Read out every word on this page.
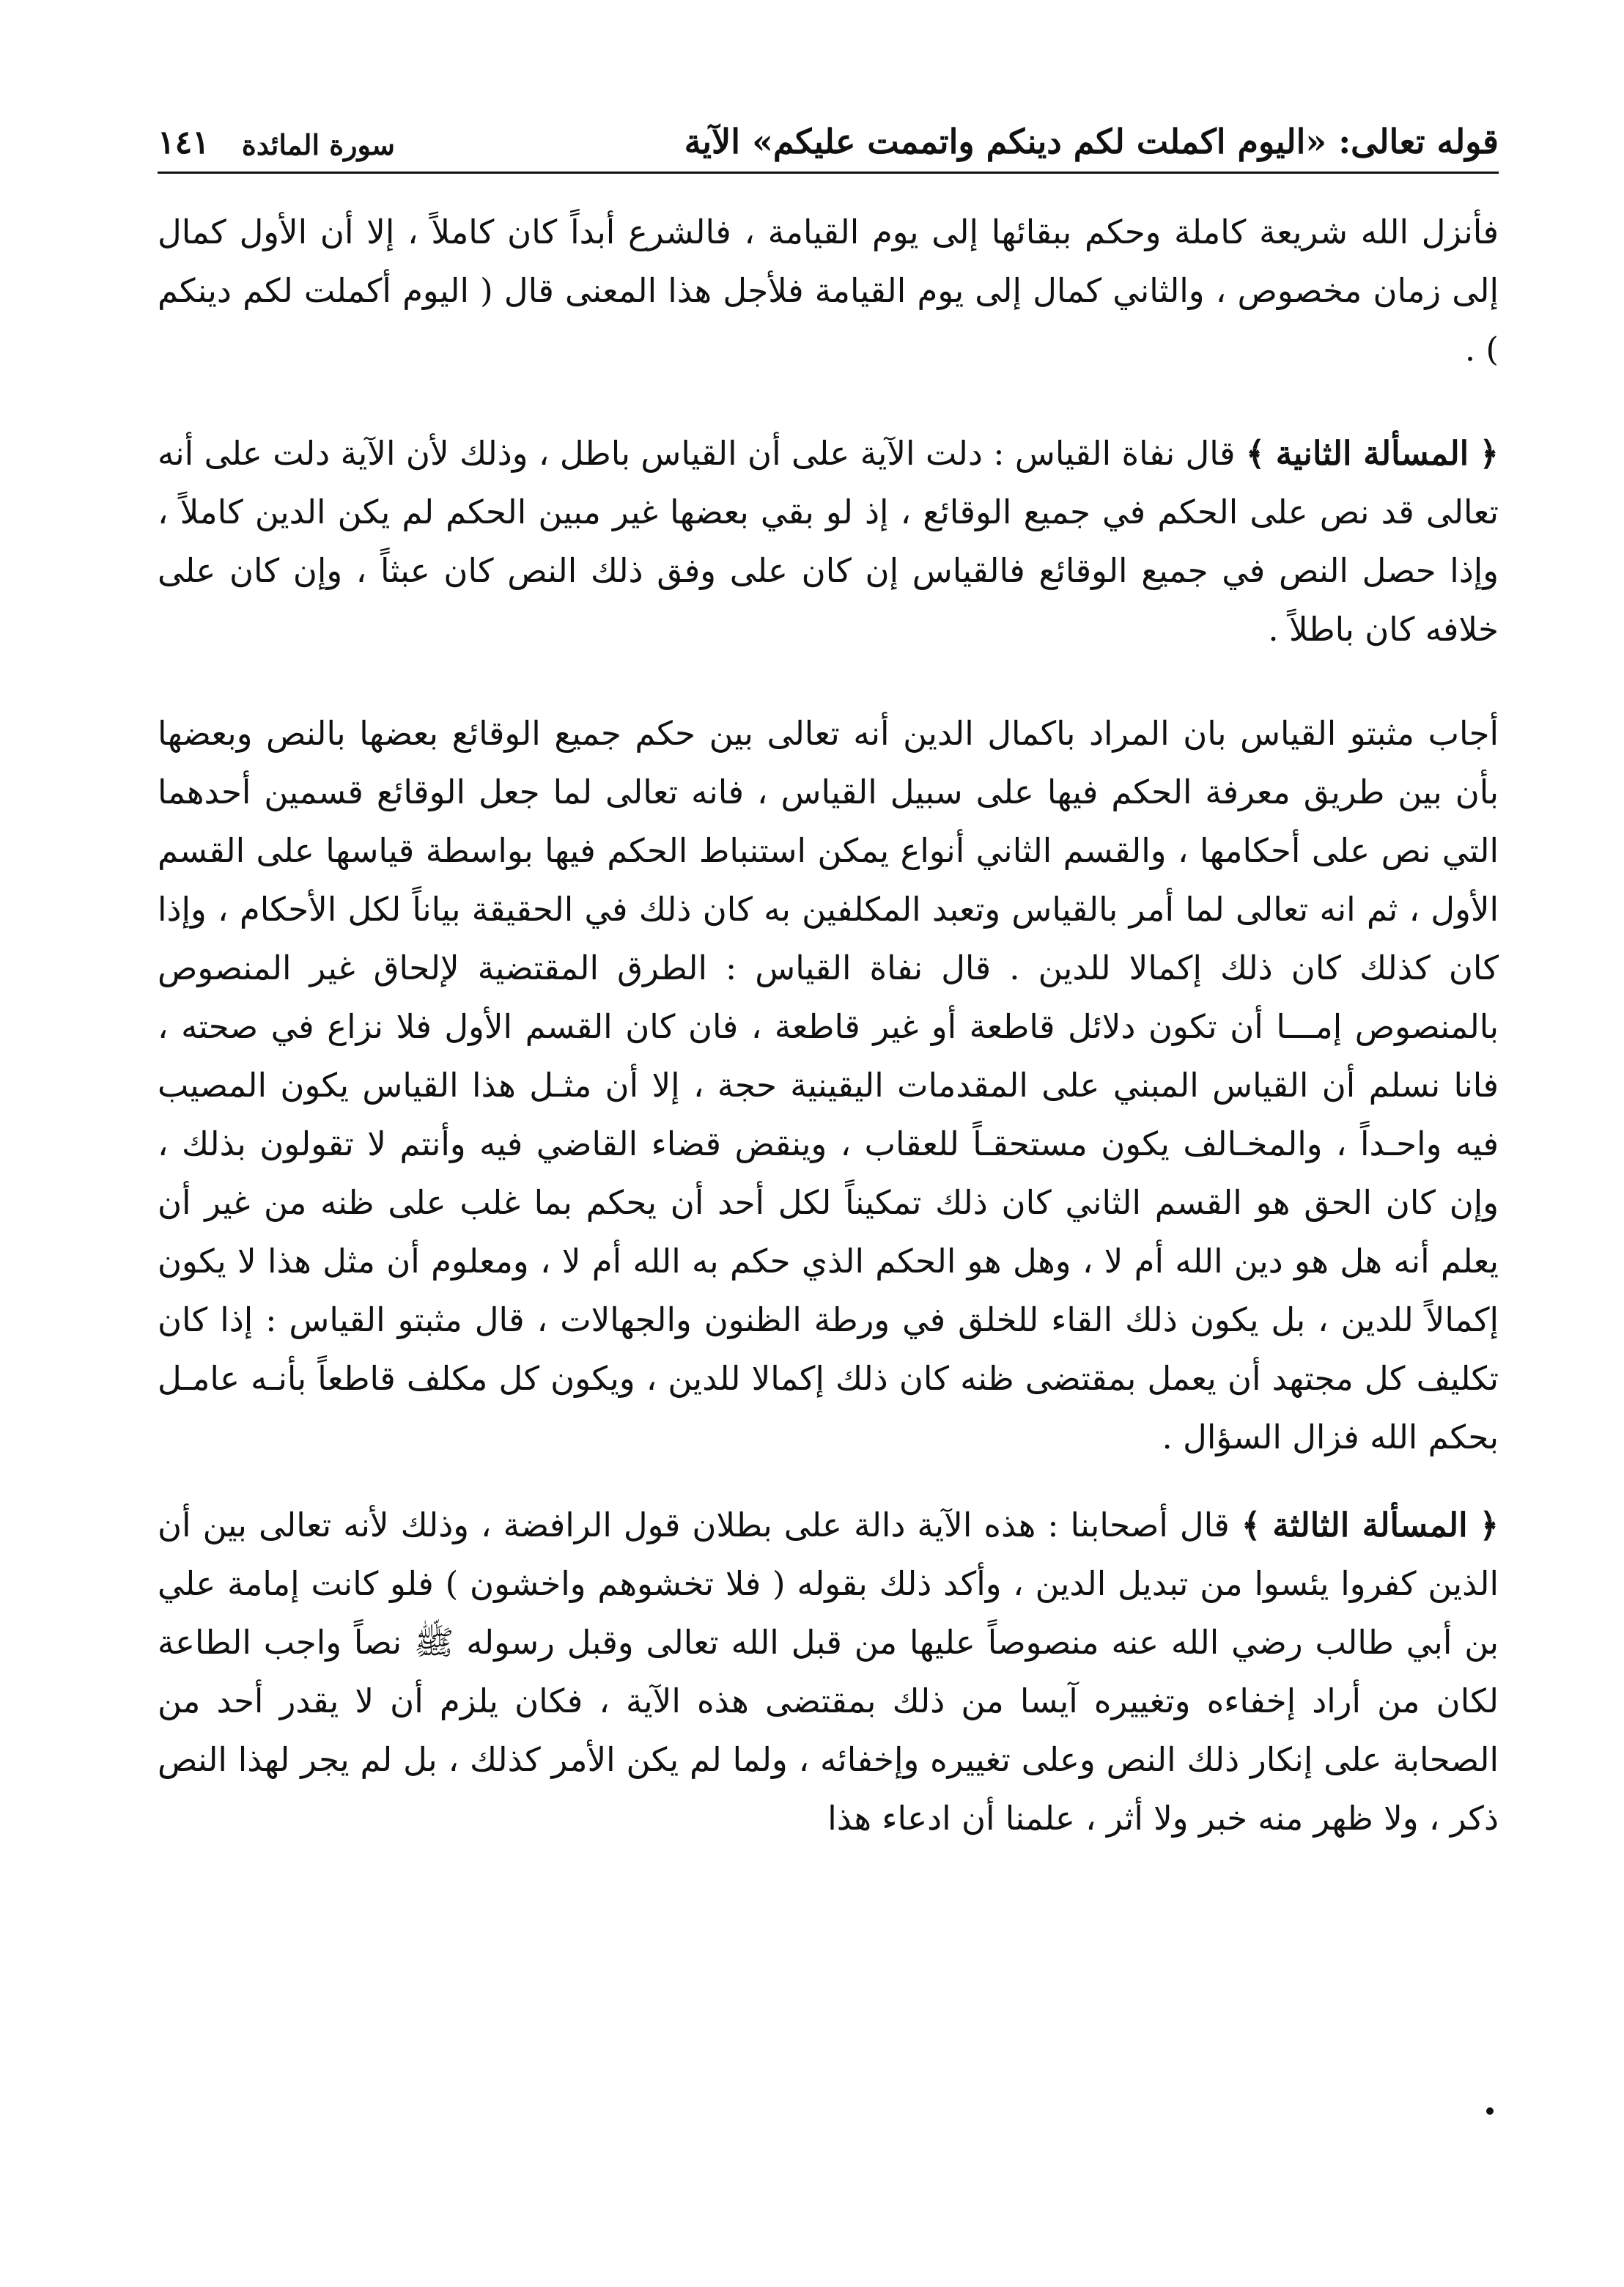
قوله تعالى: «اليوم اكملت لكم دينكم واتممت عليكم» الآية
سورة المائدة
١٤١

فأنزل الله شريعة كاملة وحكم ببقائها إلى يوم القيامة ، فالشرع أبداً كان كاملاً ، إلا أن الأول كمال إلى زمان مخصوص ، والثاني كمال إلى يوم القيامة فلأجل هذا المعنى قال ( اليوم أكملت لكم دينكم ) .

﴿ المسألة الثانية ﴾ قال نفاة القياس : دلت الآية على أن القياس باطل ، وذلك لأن الآية دلت على أنه تعالى قد نص على الحكم في جميع الوقائع ، إذ لو بقي بعضها غير مبين الحكم لم يكن الدين كاملاً ، وإذا حصل النص في جميع الوقائع فالقياس إن كان على وفق ذلك النص كان عبثاً ، وإن كان على خلافه كان باطلاً .

أجاب مثبتو القياس بان المراد باكمال الدين أنه تعالى بين حكم جميع الوقائع بعضها بالنص وبعضها بأن بين طريق معرفة الحكم فيها على سبيل القياس ، فانه تعالى لما جعل الوقائع قسمين أحدهما التي نص على أحكامها ، والقسم الثاني أنواع يمكن استنباط الحكم فيها بواسطة قياسها على القسم الأول ، ثم انه تعالى لما أمر بالقياس وتعبد المكلفين به كان ذلك في الحقيقة بياناً لكل الأحكام ، وإذا كان كذلك كان ذلك إكمالا للدين . قال نفاة القياس : الطرق المقتضية لإلحاق غير المنصوص بالمنصوص إمـــا أن تكون دلائل قاطعة أو غير قاطعة ، فان كان القسم الأول فلا نزاع في صحته ، فانا نسلم أن القياس المبني على المقدمات اليقينية حجة ، إلا أن مثـل هذا القياس يكون المصيب فيه واحـداً ، والمخـالف يكون مستحقـاً للعقاب ، وينقض قضاء القاضي فيه وأنتم لا تقولون بذلك ، وإن كان الحق هو القسم الثاني كان ذلك تمكيناً لكل أحد أن يحكم بما غلب على ظنه من غير أن يعلم أنه هل هو دين الله أم لا ، وهل هو الحكم الذي حكم به الله أم لا ، ومعلوم أن مثل هذا لا يكون إكمالاً للدين ، بل يكون ذلك القاء للخلق في ورطة الظنون والجهالات ، قال مثبتو القياس : إذا كان تكليف كل مجتهد أن يعمل بمقتضى ظنه كان ذلك إكمالا للدين ، ويكون كل مكلف قاطعاً بأنـه عامـل بحكم الله فزال السؤال .

﴿ المسألة الثالثة ﴾ قال أصحابنا : هذه الآية دالة على بطلان قول الرافضة ، وذلك لأنه تعالى بين أن الذين كفروا يئسوا من تبديل الدين ، وأكد ذلك بقوله ( فلا تخشوهم واخشون ) فلو كانت إمامة علي بن أبي طالب رضي الله عنه منصوصاً عليها من قبل الله تعالى وقبل رسوله ﷺ نصاً واجب الطاعة لكان من أراد إخفاءه وتغييره آيسا من ذلك بمقتضى هذه الآية ، فكان يلزم أن لا يقدر أحد من الصحابة على إنكار ذلك النص وعلى تغييره وإخفائه ، ولما لم يكن الأمر كذلك ، بل لم يجر لهذا النص ذكر ، ولا ظهر منه خبر ولا أثر ، علمنا أن ادعاء هذا
